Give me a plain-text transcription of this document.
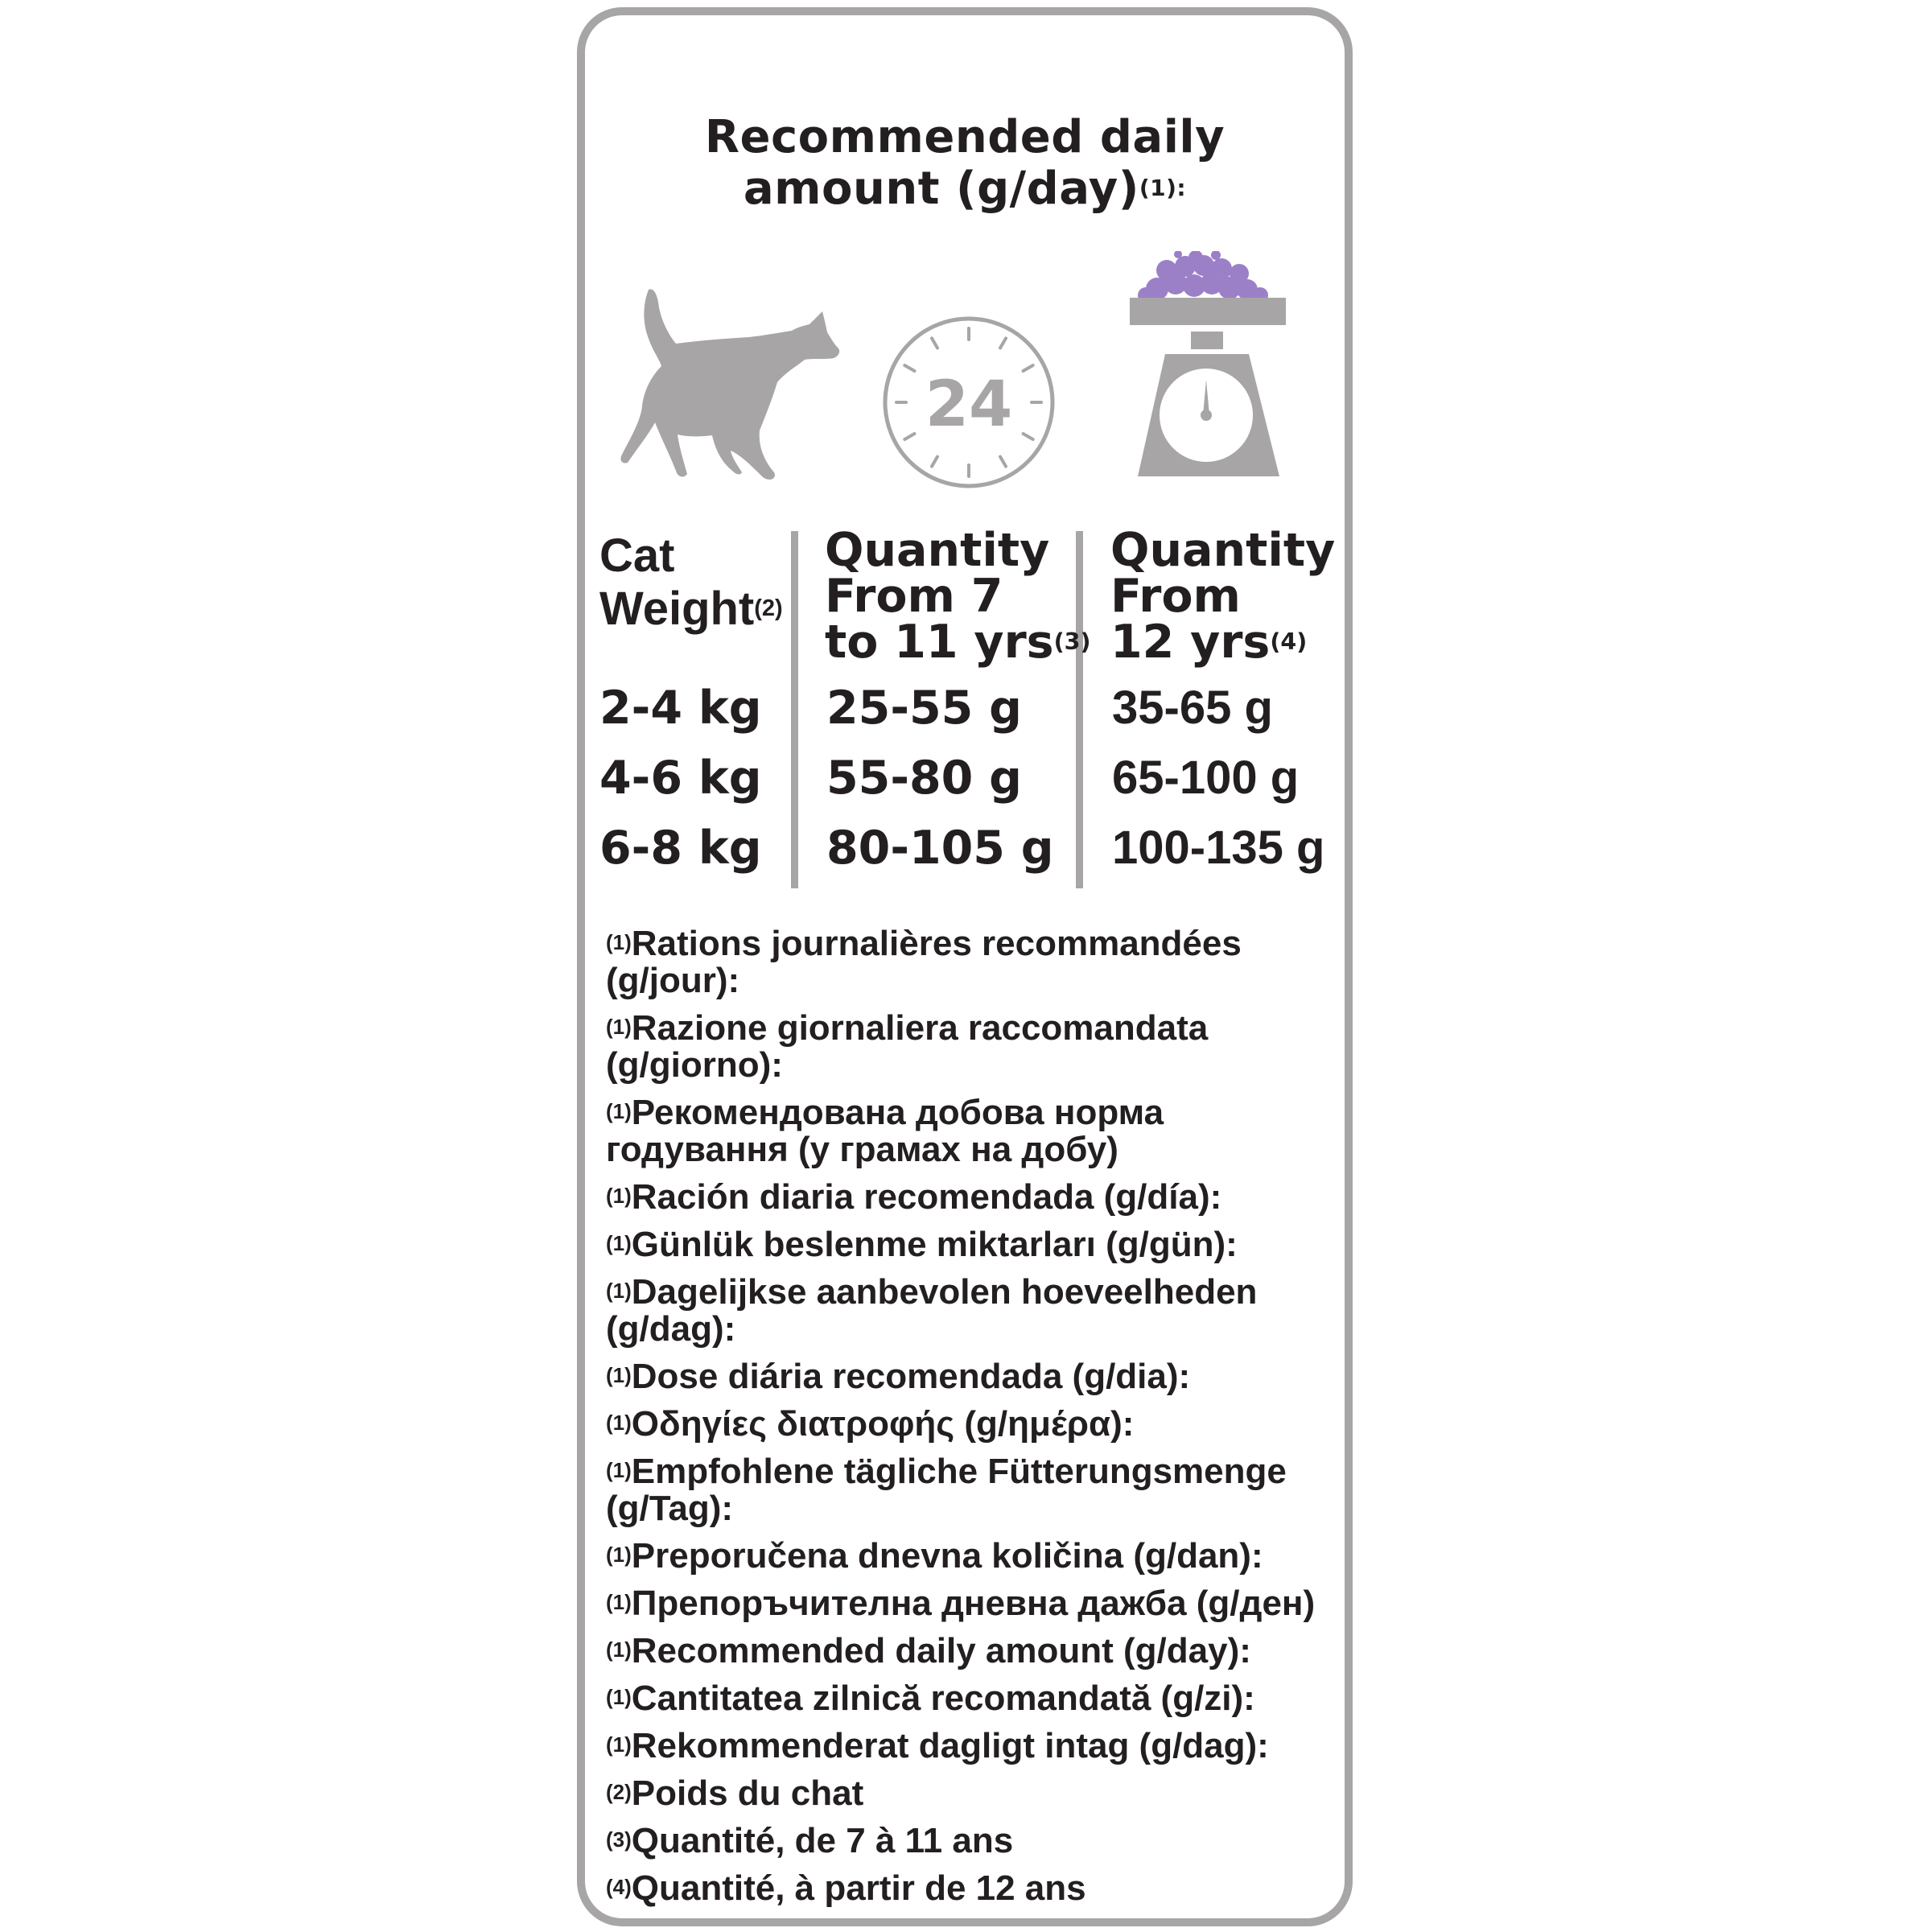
Recommended daily
amount $(g/day)^{(1):}$
24
Cat
Weight$^{(2)}$
Quantity
From 7
to 11 yrs$^{(3)}$
Quantity
From
12 yrs$^{(4)}$
2-4 kg 25-55 g 35-65 g
4-6 kg 55-80 g 65-100 g
6-8 kg 80-105 g 100-135 g
$^{(1)}$Rations journalières recommandées (g/jour):
$^{(1)}$Razione giornaliera raccomandata (g/giorno):
$^{(1)}$Рекомендована добова норма годування (у грамах на добу)
$^{(1)}$Ración diaria recomendada (g/día):
$^{(1)}$Günlük beslenme miktarları (g/gün):
$^{(1)}$Dagelijkse aanbevolen hoeveelheden (g/dag):
$^{(1)}$Dose diária recomendada (g/dia):
$^{(1)}$Οδηγίες διατροφής (g/ημέρα):
$^{(1)}$Empfohlene tägliche Fütterungsmenge (g/Tag):
$^{(1)}$Preporučena dnevna količina (g/dan):
$^{(1)}$Препоръчителна дневна дажба (g/ден)
$^{(1)}$Recommended daily amount (g/day):
$^{(1)}$Cantitatea zilnică recomandată (g/zi):
$^{(1)}$Rekommenderat dagligt intag (g/dag):
$^{(2)}$Poids du chat
$^{(3)}$Quantité, de 7 à 11 ans
$^{(4)}$Quantité, à partir de 12 ans
